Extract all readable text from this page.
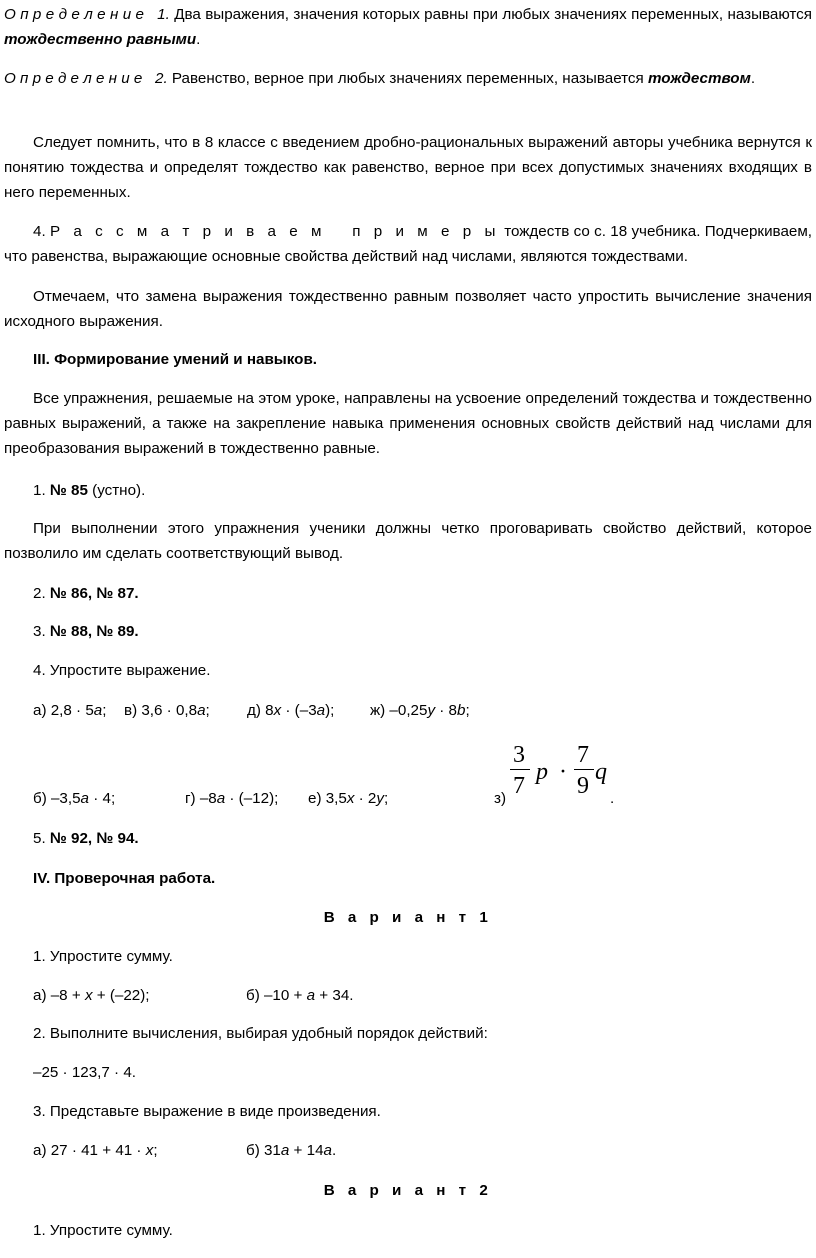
О п р е д е л е н и е   1. Два выражения, значения которых равны при любых значениях переменных, называются тождественно равными.

О п р е д е л е н и е   2. Равенство, верное при любых значениях переменных, называется тождеством.

Следует помнить, что в 8 классе с введением дробно-рациональных выражений авторы учебника вернутся к понятию тождества и определят тождество как равенство, верное при всех допустимых значениях входящих в него переменных.

4. Р а с с м а т р и в а е м   п р и м е р ы тождеств со с. 18 учебника. Подчеркиваем, что равенства, выражающие основные свойства действий над числами, являются тождествами.

Отмечаем, что замена выражения тождественно равным позволяет часто упростить вычисление значения исходного выражения.

III. Формирование умений и навыков.

Все упражнения, решаемые на этом уроке, направлены на усвоение определений тождества и тождественно равных выражений, а также на закрепление навыка применения основных свойств действий над числами для преобразования выражений в тождественно равные.

1. № 85 (устно).

При выполнении этого упражнения ученики должны четко проговаривать свойство действий, которое позволило им сделать соответствующий вывод.

2. № 86, № 87.

3. № 88, № 89.

4. Упростите выражение.

а) 2,8 · 5а; в) 3,6 · 0,8а; д) 8х · (–3а); ж) –0,25у · 8b;
б) –3,5а · 4;	г) –8а · (–12); е) 3,5х · 2у;	з)
3
7
p ·
7
9
q
.

5. № 92, № 94.

IV. Проверочная работа.

В а р и а н т 1

1. Упростите сумму.

а) –8 + х + (–22);	б) –10 + а + 34.

2. Выполните вычисления, выбирая удобный порядок действий:

–25 · 123,7 · 4.

3. Представьте выражение в виде произведения.

а) 27 · 41 + 41 · х;	б) 31а + 14а.

В а р и а н т 2

1. Упростите сумму.
